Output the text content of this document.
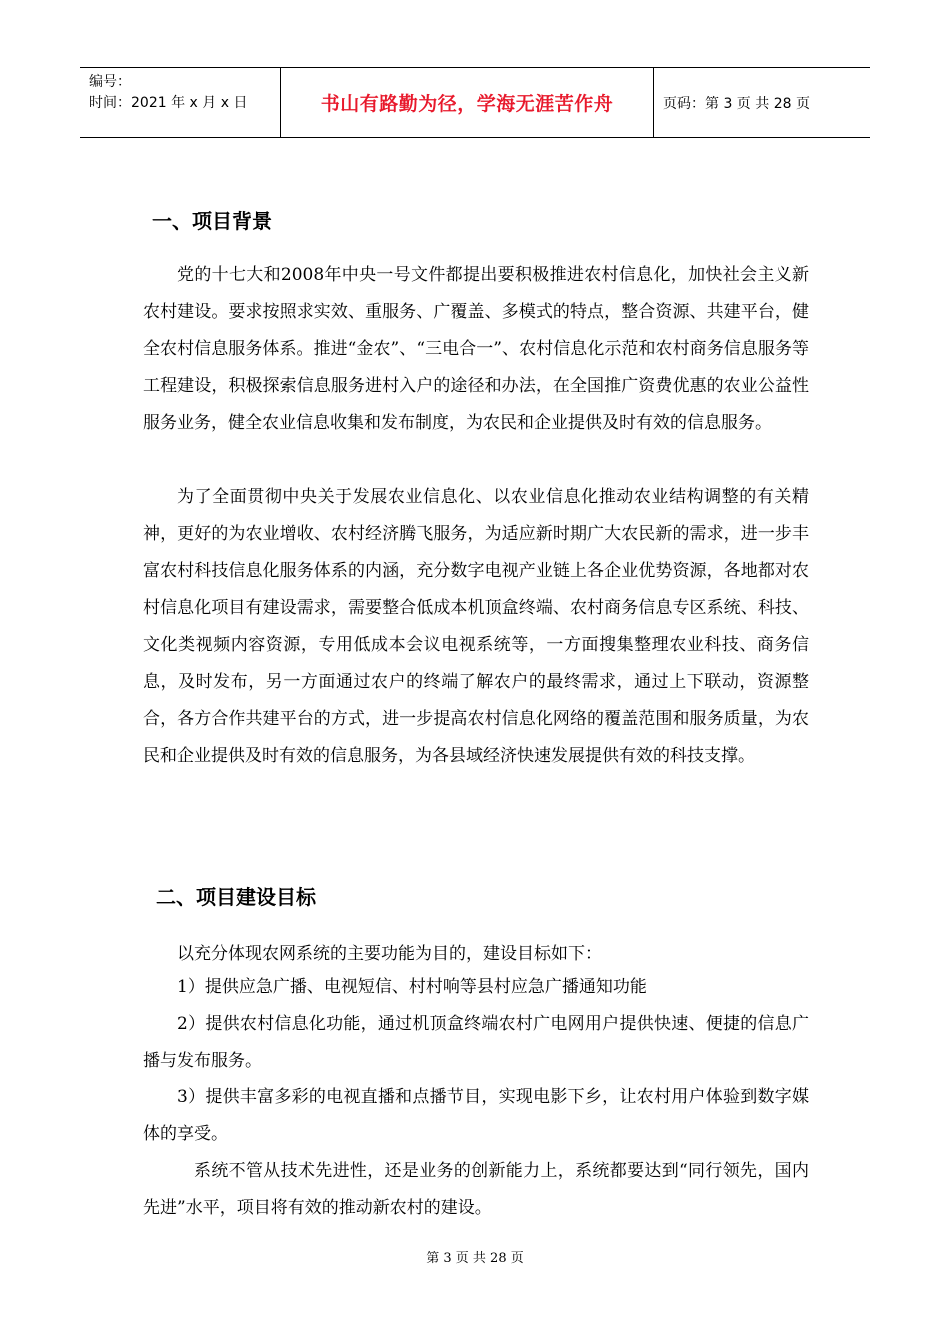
编号：
时间：2021 年 x 月 x 日	书山有路勤为径，学海无涯苦作舟	页码：第 3 页 共 28 页
一、项目背景

党的十七大和2008年中央一号文件都提出要积极推进农村信息化，加快社会主义新农村建设。要求按照求实效、重服务、广覆盖、多模式的特点，整合资源、共建平台，健全农村信息服务体系。推进“金农”、“三电合一”、农村信息化示范和农村商务信息服务等工程建设，积极探索信息服务进村入户的途径和办法，在全国推广资费优惠的农业公益性服务业务，健全农业信息收集和发布制度，为农民和企业提供及时有效的信息服务。

为了全面贯彻中央关于发展农业信息化、以农业信息化推动农业结构调整的有关精神，更好的为农业增收、农村经济腾飞服务，为适应新时期广大农民新的需求，进一步丰富农村科技信息化服务体系的内涵，充分数字电视产业链上各企业优势资源，各地都对农村信息化项目有建设需求，需要整合低成本机顶盒终端、农村商务信息专区系统、科技、文化类视频内容资源，专用低成本会议电视系统等，一方面搜集整理农业科技、商务信息，及时发布，另一方面通过农户的终端了解农户的最终需求，通过上下联动，资源整合，各方合作共建平台的方式，进一步提高农村信息化网络的覆盖范围和服务质量，为农民和企业提供及时有效的信息服务，为各县域经济快速发展提供有效的科技支撑。

二、项目建设目标

以充分体现农网系统的主要功能为目的，建设目标如下：

1）提供应急广播、电视短信、村村响等县村应急广播通知功能

2）提供农村信息化功能，通过机顶盒终端农村广电网用户提供快速、便捷的信息广播与发布服务。

3）提供丰富多彩的电视直播和点播节目，实现电影下乡，让农村用户体验到数字媒体的享受。

系统不管从技术先进性，还是业务的创新能力上，系统都要达到“同行领先，国内先进”水平，项目将有效的推动新农村的建设。

第 3 页 共 28 页
